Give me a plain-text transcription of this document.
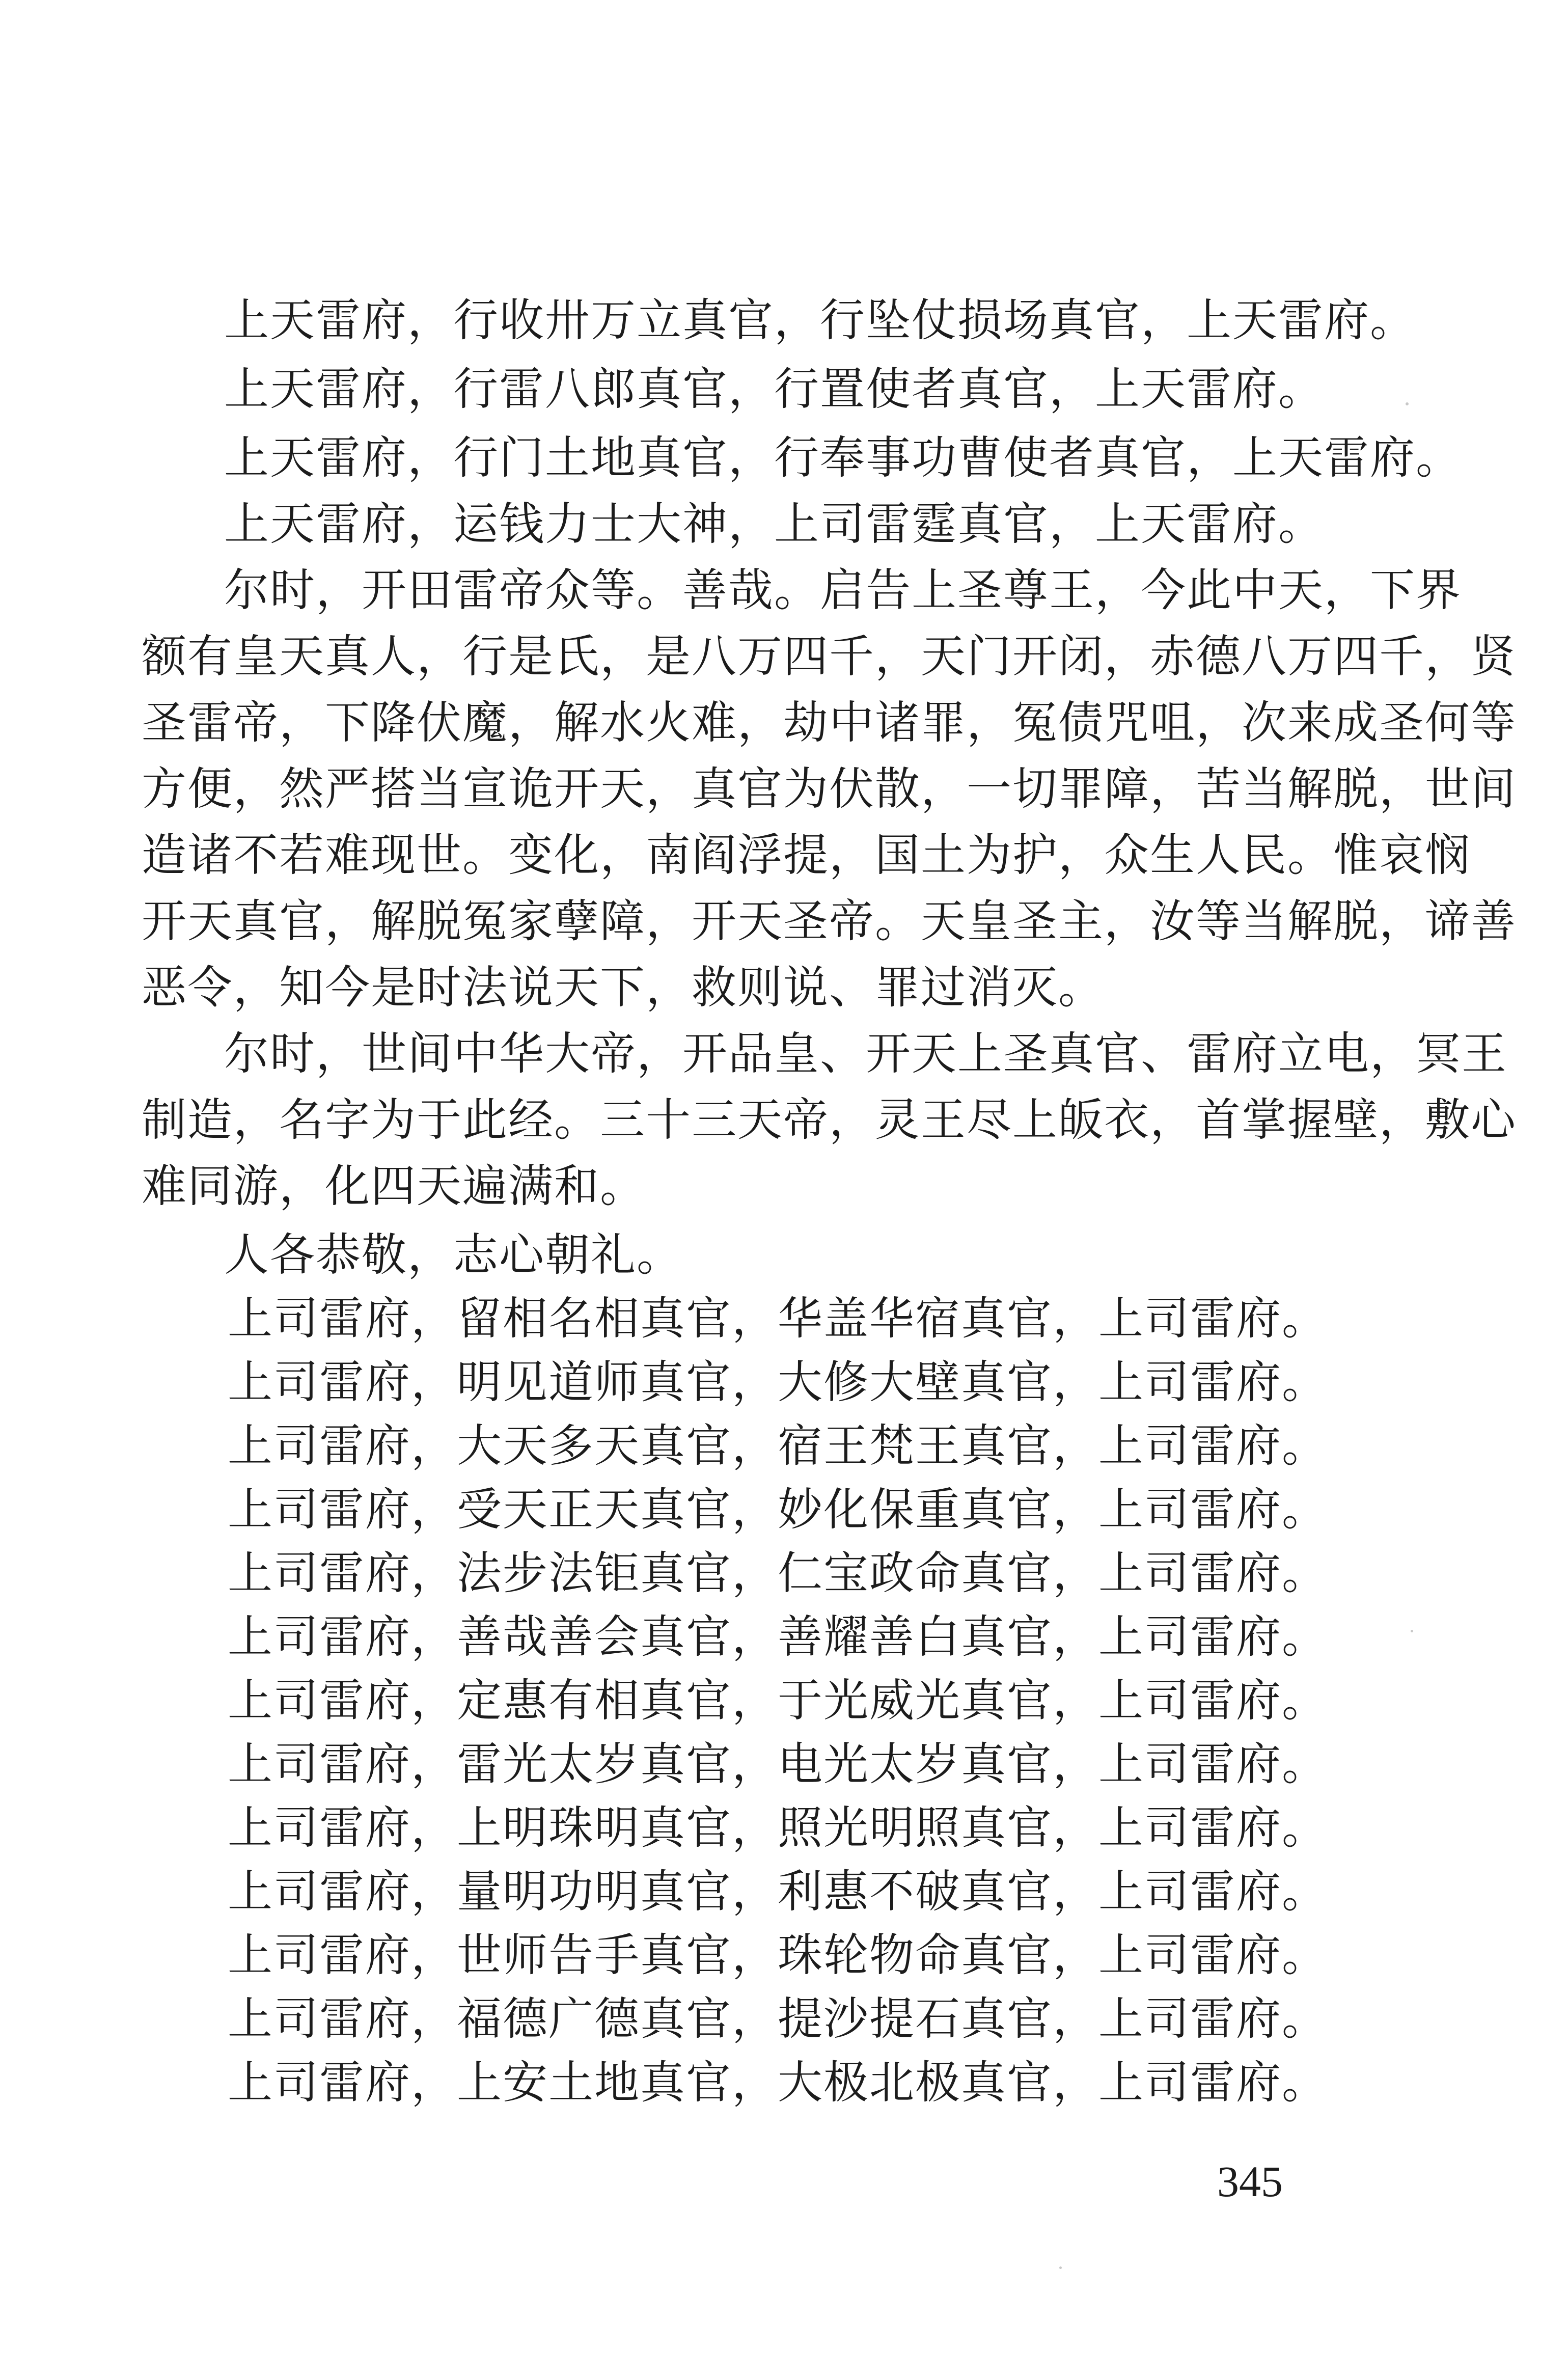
上天雷府，行收卅万立真官，行坠仗损场真官，上天雷府。
上天雷府，行雷八郎真官，行置使者真官，上天雷府。
上天雷府，行门土地真官，行奉事功曹使者真官，上天雷府。
上天雷府，运钱力士大神，上司雷霆真官，上天雷府。
尔时，开田雷帝众等。善哉。启告上圣尊王，今此中天，下界
额有皇天真人，行是氏，是八万四千，天门开闭，赤德八万四千，贤
圣雷帝，下降伏魔，解水火难，劫中诸罪，冤债咒咀，次来成圣何等
方便，然严搭当宣诡开天，真官为伏散，一切罪障，苦当解脱，世间
造诸不若难现世。变化，南阎浮提，国土为护，众生人民。惟哀悯
开天真官，解脱冤家孽障，开天圣帝。天皇圣主，汝等当解脱，谛善
恶令，知今是时法说天下，救则说、罪过消灭。
尔时，世间中华大帝，开品皇、开天上圣真官、雷府立电，冥王
制造，名字为于此经。三十三天帝，灵王尽上皈衣，首掌握壁，敷心
难同游，化四天遍满和。
人各恭敬，志心朝礼。
上司雷府，留相名相真官，华盖华宿真官，上司雷府。
上司雷府，明见道师真官，大修大壁真官，上司雷府。
上司雷府，大天多天真官，宿王梵王真官，上司雷府。
上司雷府，受天正天真官，妙化保重真官，上司雷府。
上司雷府，法步法钜真官，仁宝政命真官，上司雷府。
上司雷府，善哉善会真官，善耀善白真官，上司雷府。
上司雷府，定惠有相真官，于光威光真官，上司雷府。
上司雷府，雷光太岁真官，电光太岁真官，上司雷府。
上司雷府，上明珠明真官，照光明照真官，上司雷府。
上司雷府，量明功明真官，利惠不破真官，上司雷府。
上司雷府，世师告手真官，珠轮物命真官，上司雷府。
上司雷府，福德广德真官，提沙提石真官，上司雷府。
上司雷府，上安土地真官，大极北极真官，上司雷府。
345
